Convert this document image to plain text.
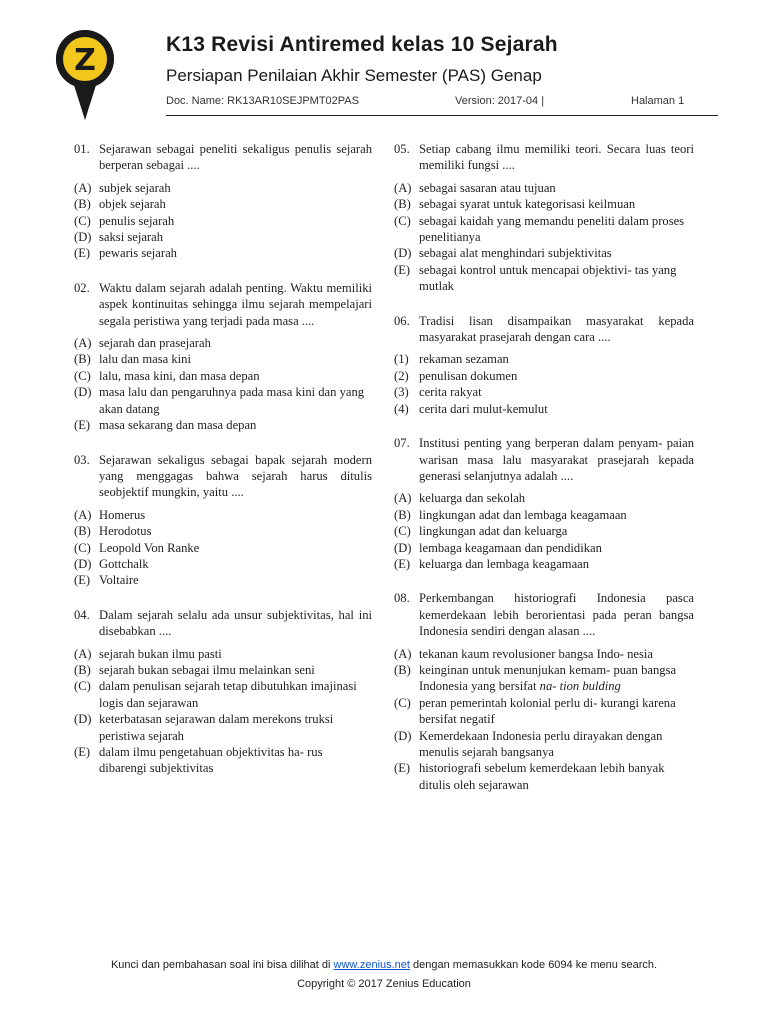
Z	K13 Revisi Antiremed kelas 10 Sejarah
Persiapan Penilaian Akhir Semester (PAS) Genap
Doc. Name: RK13AR10SEJPMT02PAS	Version: 2017-04 |	Halaman 1
01. Sejarawan sebagai peneliti sekaligus penulis sejarah berperan sebagai ....
(A) subjek sejarah
(B) objek sejarah
(C) penulis sejarah
(D) saksi sejarah
(E) pewaris sejarah
02. Waktu dalam sejarah adalah penting. Waktu memiliki aspek kontinuitas sehingga ilmu sejarah mempelajari segala peristiwa yang terjadi pada masa ....
(A) sejarah dan prasejarah
(B) lalu dan masa kini
(C) lalu, masa kini, dan masa depan
(D) masa lalu dan pengaruhnya pada masa kini dan yang akan datang
(E) masa sekarang dan masa depan
03. Sejarawan sekaligus sebagai bapak sejarah modern yang menggagas bahwa sejarah harus ditulis seobjektif mungkin, yaitu ....
(A) Homerus
(B) Herodotus
(C) Leopold Von Ranke
(D) Gottchalk
(E) Voltaire
04. Dalam sejarah selalu ada unsur subjektivitas, hal ini disebabkan ....
(A) sejarah bukan ilmu pasti
(B) sejarah bukan sebagai ilmu melainkan seni
(C) dalam penulisan sejarah tetap dibutuhkan imajinasi logis dan sejarawan
(D) keterbatasan sejarawan dalam merekons truksi peristiwa sejarah
(E) dalam ilmu pengetahuan objektivitas ha- rus dibarengi subjektivitas
05. Setiap cabang ilmu memiliki teori. Secara luas teori memiliki fungsi ....
(A) sebagai sasaran atau tujuan
(B) sebagai syarat untuk kategorisasi keilmuan
(C) sebagai kaidah yang memandu peneliti dalam proses penelitianya
(D) sebagai alat menghindari subjektivitas
(E) sebagai kontrol untuk mencapai objektivi- tas yang mutlak
06. Tradisi lisan disampaikan masyarakat kepada masyarakat prasejarah dengan cara ....
(1) rekaman sezaman
(2) penulisan dokumen
(3) cerita rakyat
(4) cerita dari mulut-kemulut
07. Institusi penting yang berperan dalam penyam- paian warisan masa lalu masyarakat prasejarah kepada generasi selanjutnya adalah ....
(A) keluarga dan sekolah
(B) lingkungan adat dan lembaga keagamaan
(C) lingkungan adat dan keluarga
(D) lembaga keagamaan dan pendidikan
(E) keluarga dan lembaga keagamaan
08. Perkembangan historiografi Indonesia pasca kemerdekaan lebih berorientasi pada peran bangsa Indonesia sendiri dengan alasan ....
(A) tekanan kaum revolusioner bangsa Indo- nesia
(B) keinginan untuk menunjukan kemam- puan bangsa Indonesia yang bersifat na- tion bulding
(C) peran pemerintah kolonial perlu di- kurangi karena bersifat negatif
(D) Kemerdekaan Indonesia perlu dirayakan dengan menulis sejarah bangsanya
(E) historiografi sebelum kemerdekaan lebih banyak ditulis oleh sejarawan
Kunci dan pembahasan soal ini bisa dilihat di www.zenius.net dengan memasukkan kode 6094 ke menu search.
Copyright © 2017 Zenius Education
